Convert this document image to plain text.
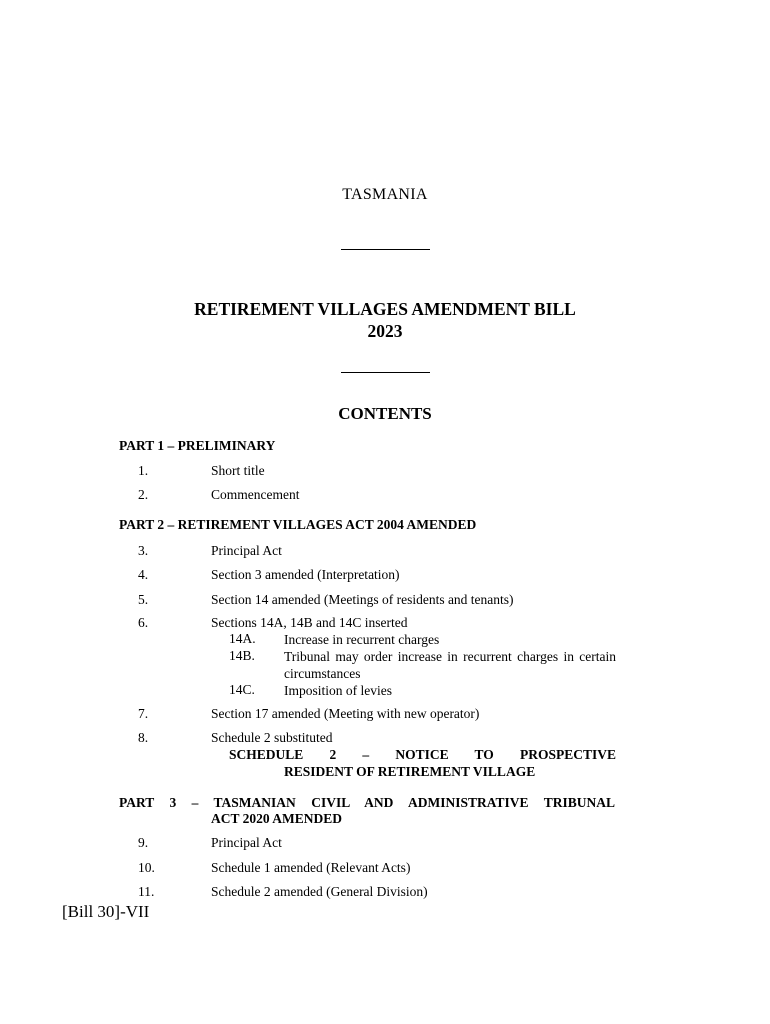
TASMANIA
RETIREMENT VILLAGES AMENDMENT BILL
2023
CONTENTS
PART 1 – PRELIMINARY
1.	Short title
2.	Commencement
PART 2 – RETIREMENT VILLAGES ACT 2004 AMENDED
3.	Principal Act
4.	Section 3 amended (Interpretation)
5.	Section 14 amended (Meetings of residents and tenants)
6.	Sections 14A, 14B and 14C inserted
14A. Increase in recurrent charges
14B. Tribunal may order increase in recurrent charges in certain circumstances
14C. Imposition of levies
7.	Section 17 amended (Meeting with new operator)
8.	Schedule 2 substituted
SCHEDULE 2 – NOTICE TO PROSPECTIVE
RESIDENT OF RETIREMENT VILLAGE
PART 3 – TASMANIAN CIVIL AND ADMINISTRATIVE TRIBUNAL
ACT 2020 AMENDED
9.	Principal Act
10.	Schedule 1 amended (Relevant Acts)
11.	Schedule 2 amended (General Division)
[Bill 30]-VII
